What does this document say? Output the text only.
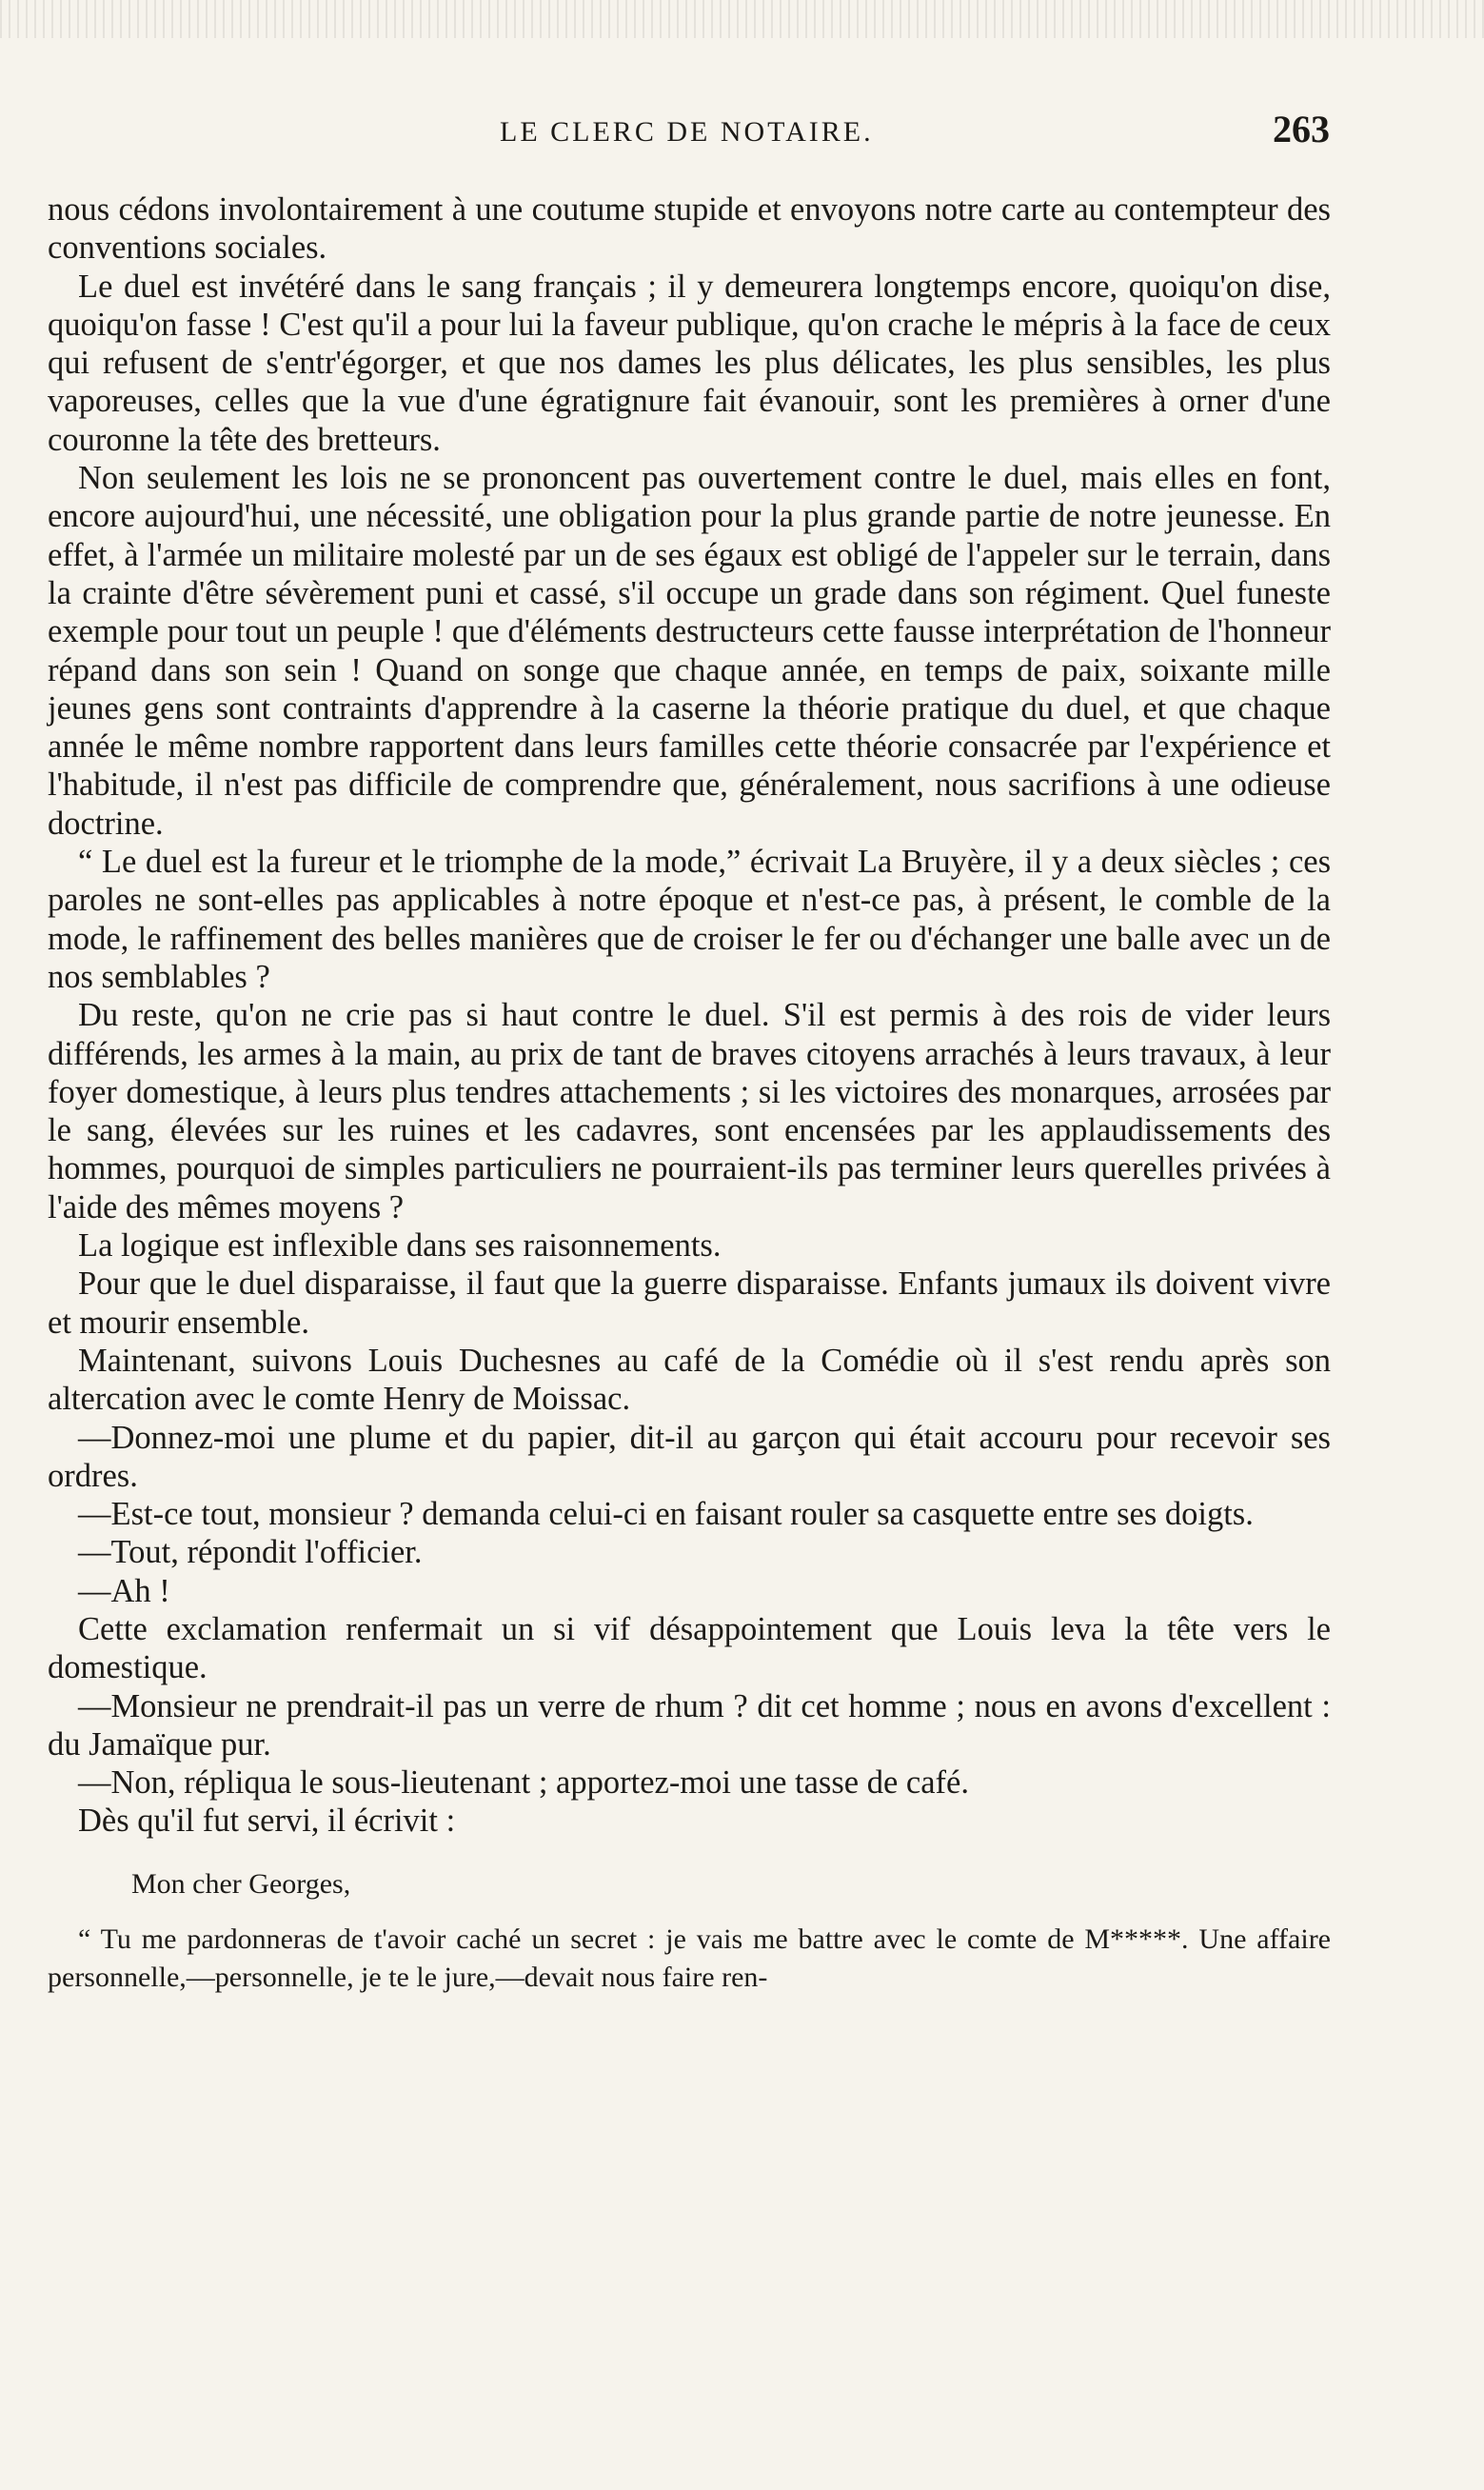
LE CLERC DE NOTAIRE.	263

nous cédons involontairement à une coutume stupide et envoyons notre carte au contempteur des conventions sociales.

Le duel est invétéré dans le sang français ; il y demeurera longtemps encore, quoiqu'on dise, quoiqu'on fasse ! C'est qu'il a pour lui la faveur publique, qu'on crache le mépris à la face de ceux qui refusent de s'entr'égorger, et que nos dames les plus délicates, les plus sensibles, les plus vaporeuses, celles que la vue d'une égratignure fait évanouir, sont les premières à orner d'une couronne la tête des bretteurs.

Non seulement les lois ne se prononcent pas ouvertement contre le duel, mais elles en font, encore aujourd'hui, une nécessité, une obligation pour la plus grande partie de notre jeunesse. En effet, à l'armée un militaire molesté par un de ses égaux est obligé de l'appeler sur le terrain, dans la crainte d'être sévèrement puni et cassé, s'il occupe un grade dans son régiment. Quel funeste exemple pour tout un peuple ! que d'éléments destructeurs cette fausse interprétation de l'honneur répand dans son sein ! Quand on songe que chaque année, en temps de paix, soixante mille jeunes gens sont contraints d'apprendre à la caserne la théorie pratique du duel, et que chaque année le même nombre rapportent dans leurs familles cette théorie consacrée par l'expérience et l'habitude, il n'est pas difficile de comprendre que, généralement, nous sacrifions à une odieuse doctrine.

“ Le duel est la fureur et le triomphe de la mode,” écrivait La Bruyère, il y a deux siècles ; ces paroles ne sont-elles pas applicables à notre époque et n'est-ce pas, à présent, le comble de la mode, le raffinement des belles manières que de croiser le fer ou d'échanger une balle avec un de nos semblables ?

Du reste, qu'on ne crie pas si haut contre le duel. S'il est permis à des rois de vider leurs différends, les armes à la main, au prix de tant de braves citoyens arrachés à leurs travaux, à leur foyer domestique, à leurs plus tendres attachements ; si les victoires des monarques, arrosées par le sang, élevées sur les ruines et les cadavres, sont encensées par les applaudissements des hommes, pourquoi de simples particuliers ne pourraient-ils pas terminer leurs querelles privées à l'aide des mêmes moyens ?

La logique est inflexible dans ses raisonnements.

Pour que le duel disparaisse, il faut que la guerre disparaisse. Enfants jumaux ils doivent vivre et mourir ensemble.

Maintenant, suivons Louis Duchesnes au café de la Comédie où il s'est rendu après son altercation avec le comte Henry de Moissac.

—Donnez-moi une plume et du papier, dit-il au garçon qui était accouru pour recevoir ses ordres.

—Est-ce tout, monsieur ? demanda celui-ci en faisant rouler sa casquette entre ses doigts.

—Tout, répondit l'officier.

—Ah !

Cette exclamation renfermait un si vif désappointement que Louis leva la tête vers le domestique.

—Monsieur ne prendrait-il pas un verre de rhum ? dit cet homme ; nous en avons d'excellent : du Jamaïque pur.

—Non, répliqua le sous-lieutenant ; apportez-moi une tasse de café.

Dès qu'il fut servi, il écrivit :

Mon cher Georges,

“ Tu me pardonneras de t'avoir caché un secret : je vais me battre avec le comte de M*****. Une affaire personnelle,—personnelle, je te le jure,—devait nous faire ren-
